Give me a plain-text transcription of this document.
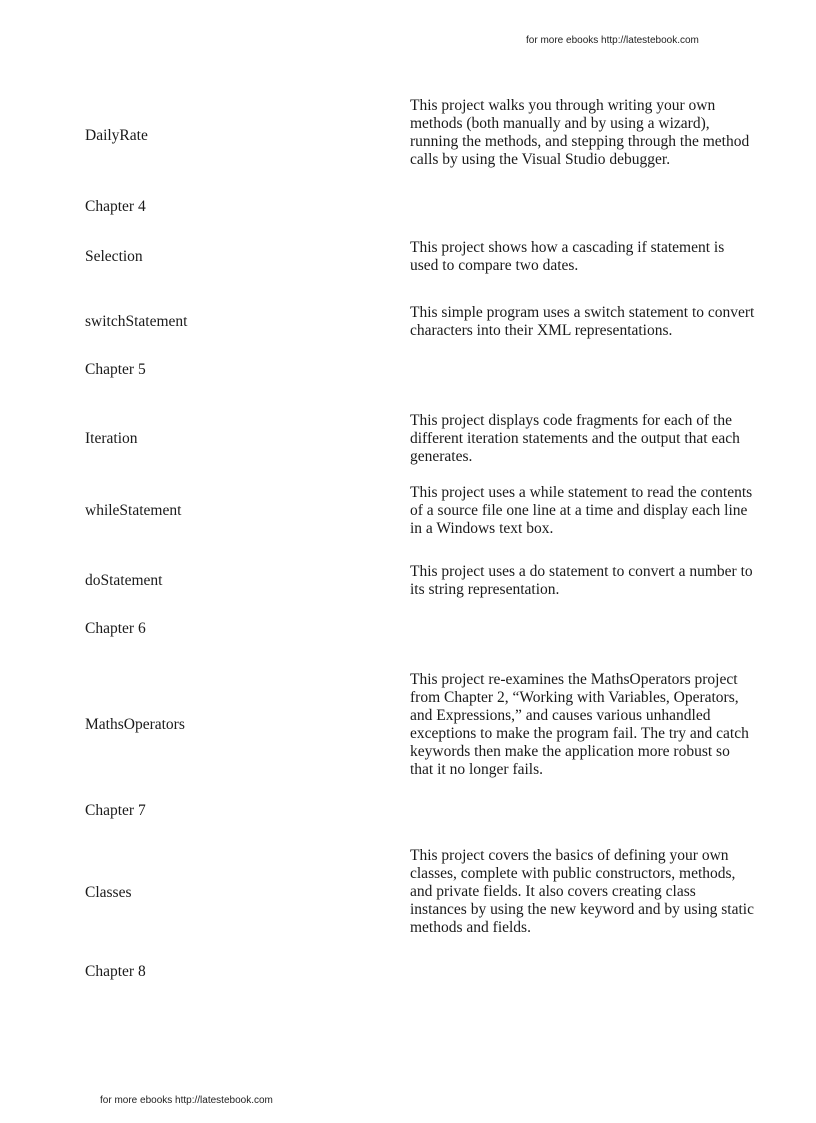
for more ebooks http://latestebook.com
DailyRate
This project walks you through writing your own methods (both manually and by using a wizard), running the methods, and stepping through the method calls by using the Visual Studio debugger.
Chapter 4
Selection
This project shows how a cascading if statement is used to compare two dates.
switchStatement
This simple program uses a switch statement to convert characters into their XML representations.
Chapter 5
Iteration
This project displays code fragments for each of the different iteration statements and the output that each generates.
whileStatement
This project uses a while statement to read the contents of a source file one line at a time and display each line in a Windows text box.
doStatement
This project uses a do statement to convert a number to its string representation.
Chapter 6
MathsOperators
This project re-examines the MathsOperators project from Chapter 2, “Working with Variables, Operators, and Expressions,” and causes various unhandled exceptions to make the program fail. The try and catch keywords then make the application more robust so that it no longer fails.
Chapter 7
Classes
This project covers the basics of defining your own classes, complete with public constructors, methods, and private fields. It also covers creating class instances by using the new keyword and by using static methods and fields.
Chapter 8
for more ebooks http://latestebook.com
